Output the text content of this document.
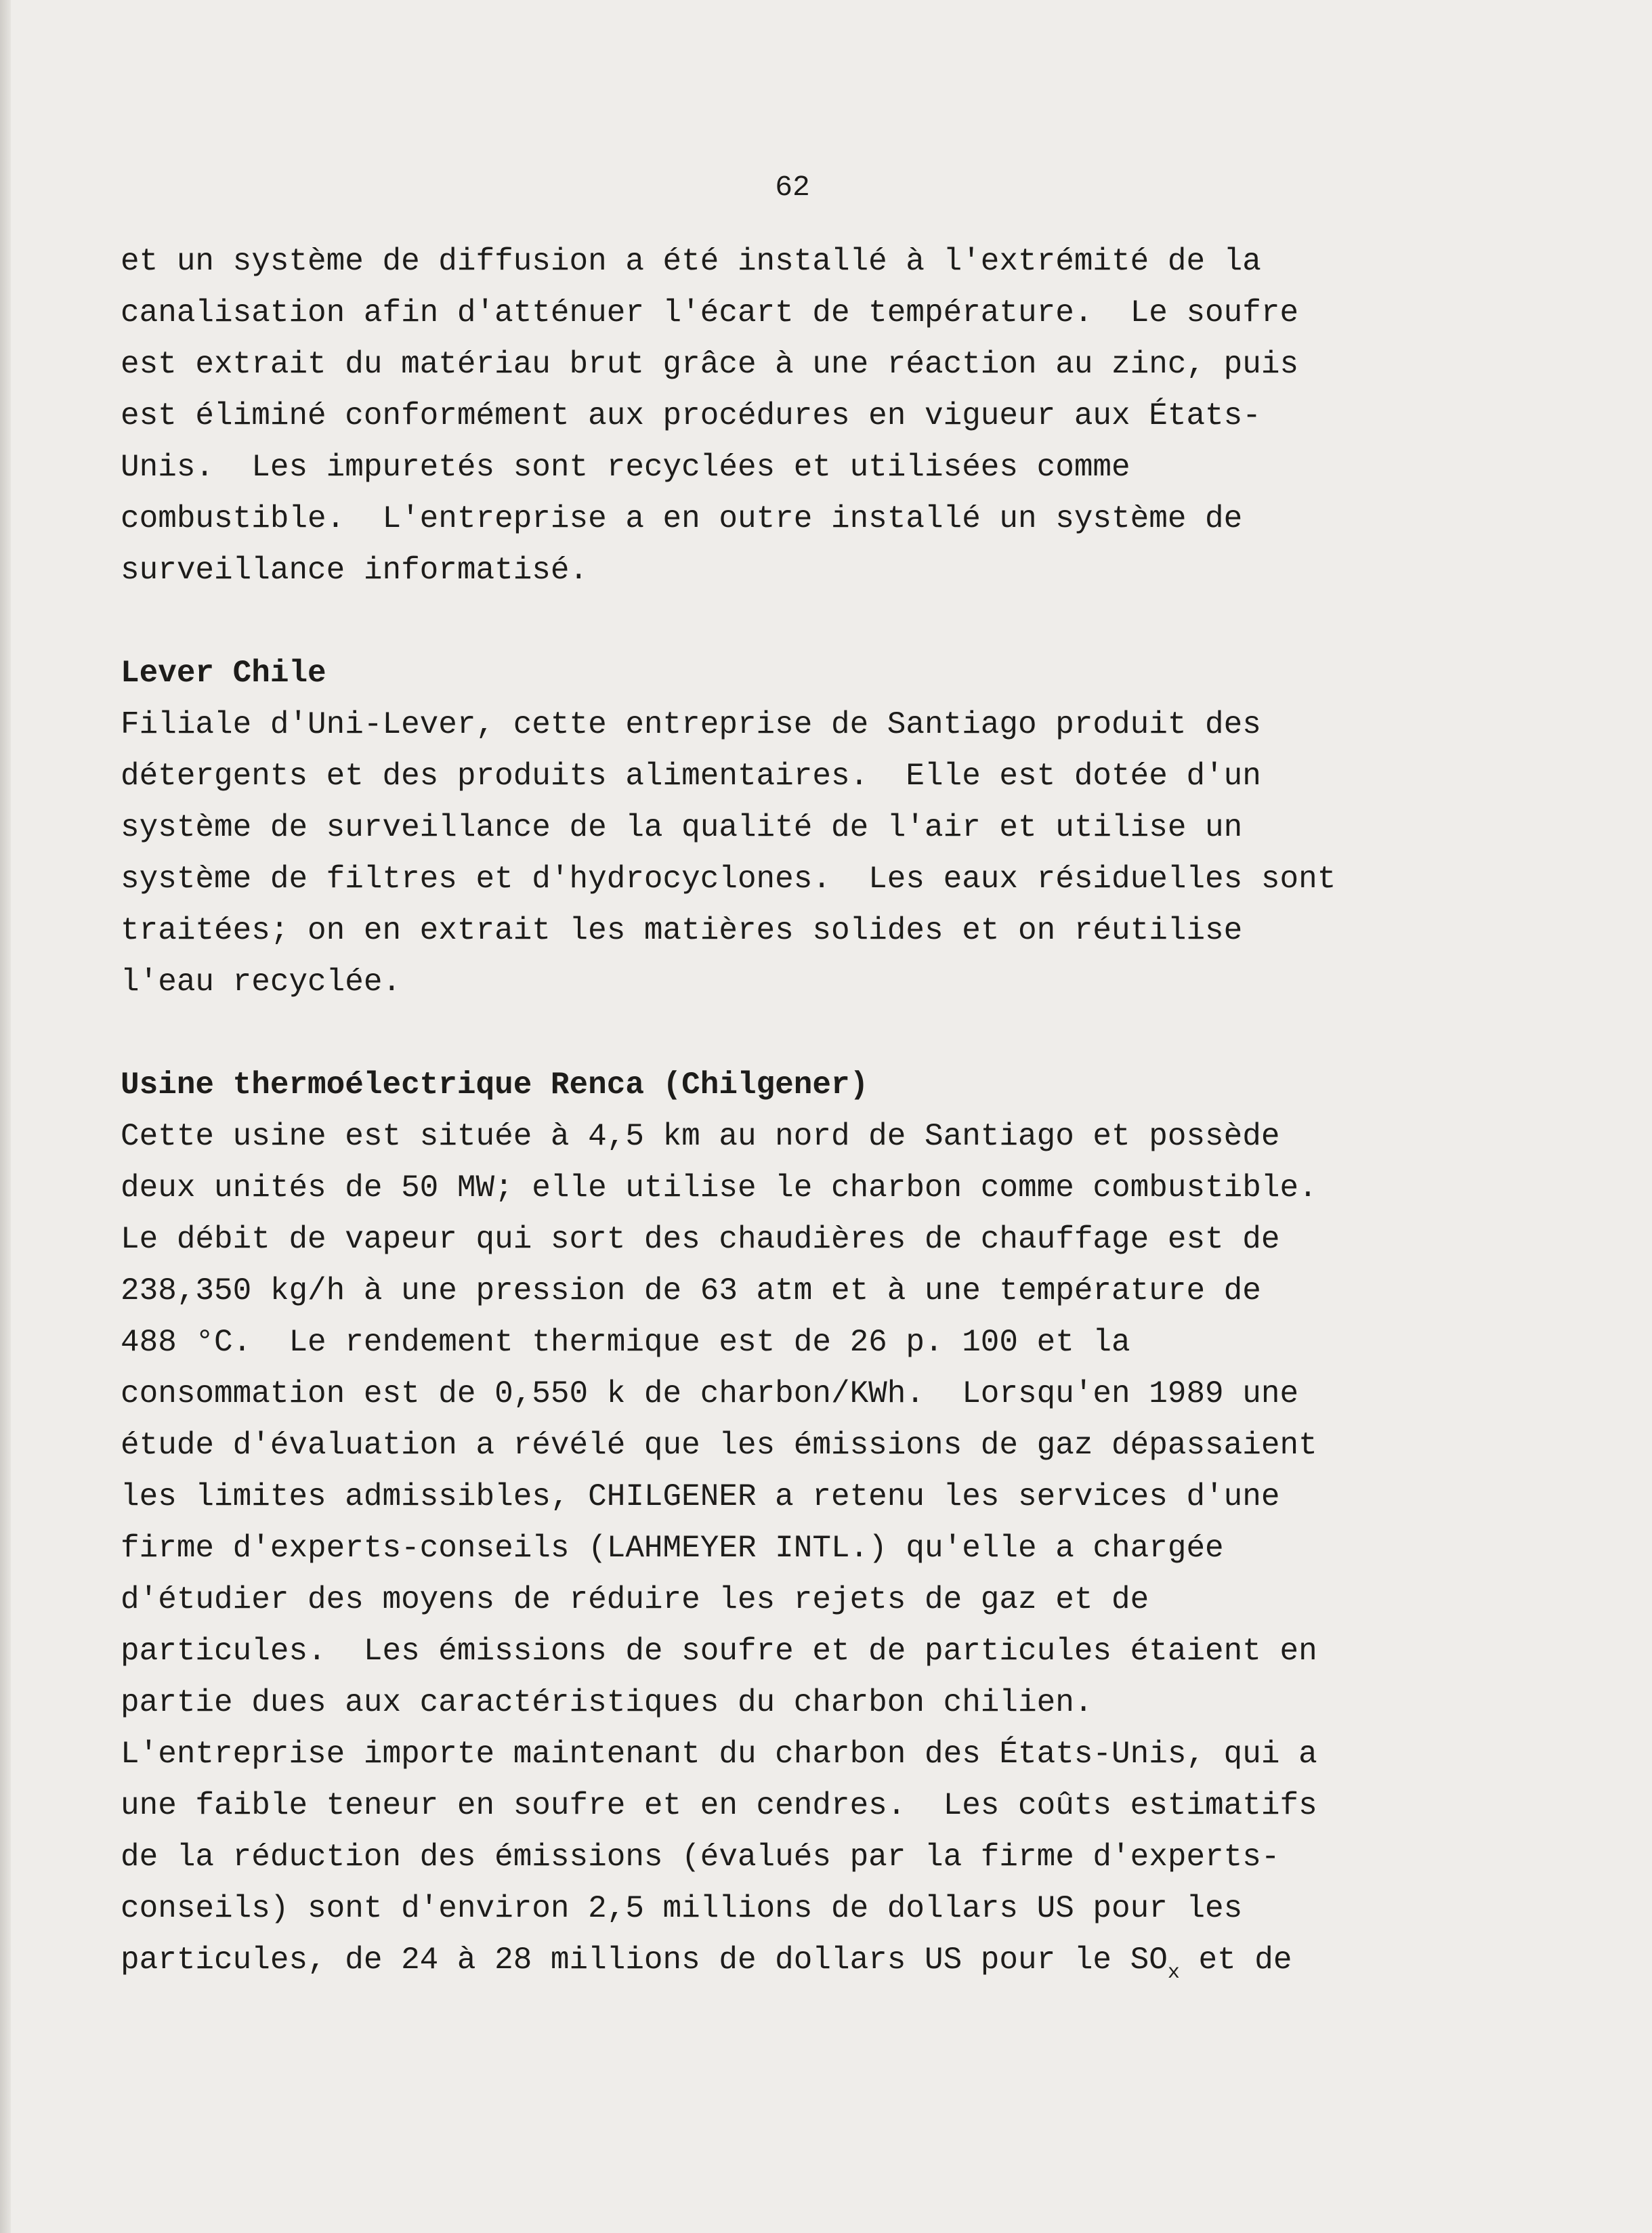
62

et un système de diffusion a été installé à l'extrémité de la
canalisation afin d'atténuer l'écart de température.  Le soufre
est extrait du matériau brut grâce à une réaction au zinc, puis
est éliminé conformément aux procédures en vigueur aux États-
Unis.  Les impuretés sont recyclées et utilisées comme
combustible.  L'entreprise a en outre installé un système de
surveillance informatisé.
Lever Chile
Filiale d'Uni-Lever, cette entreprise de Santiago produit des
détergents et des produits alimentaires.  Elle est dotée d'un
système de surveillance de la qualité de l'air et utilise un
système de filtres et d'hydrocyclones.  Les eaux résiduelles sont
traitées; on en extrait les matières solides et on réutilise
l'eau recyclée.
Usine thermoélectrique Renca (Chilgener)
Cette usine est située à 4,5 km au nord de Santiago et possède
deux unités de 50 MW; elle utilise le charbon comme combustible.
Le débit de vapeur qui sort des chaudières de chauffage est de
238,350 kg/h à une pression de 63 atm et à une température de
488 °C.  Le rendement thermique est de 26 p. 100 et la
consommation est de 0,550 k de charbon/KWh.  Lorsqu'en 1989 une
étude d'évaluation a révélé que les émissions de gaz dépassaient
les limites admissibles, CHILGENER a retenu les services d'une
firme d'experts-conseils (LAHMEYER INTL.) qu'elle a chargée
d'étudier des moyens de réduire les rejets de gaz et de
particules.  Les émissions de soufre et de particules étaient en
partie dues aux caractéristiques du charbon chilien.
L'entreprise importe maintenant du charbon des États-Unis, qui a
une faible teneur en soufre et en cendres.  Les coûts estimatifs
de la réduction des émissions (évalués par la firme d'experts-
conseils) sont d'environ 2,5 millions de dollars US pour les
particules, de 24 à 28 millions de dollars US pour le $SO_x$ et de
